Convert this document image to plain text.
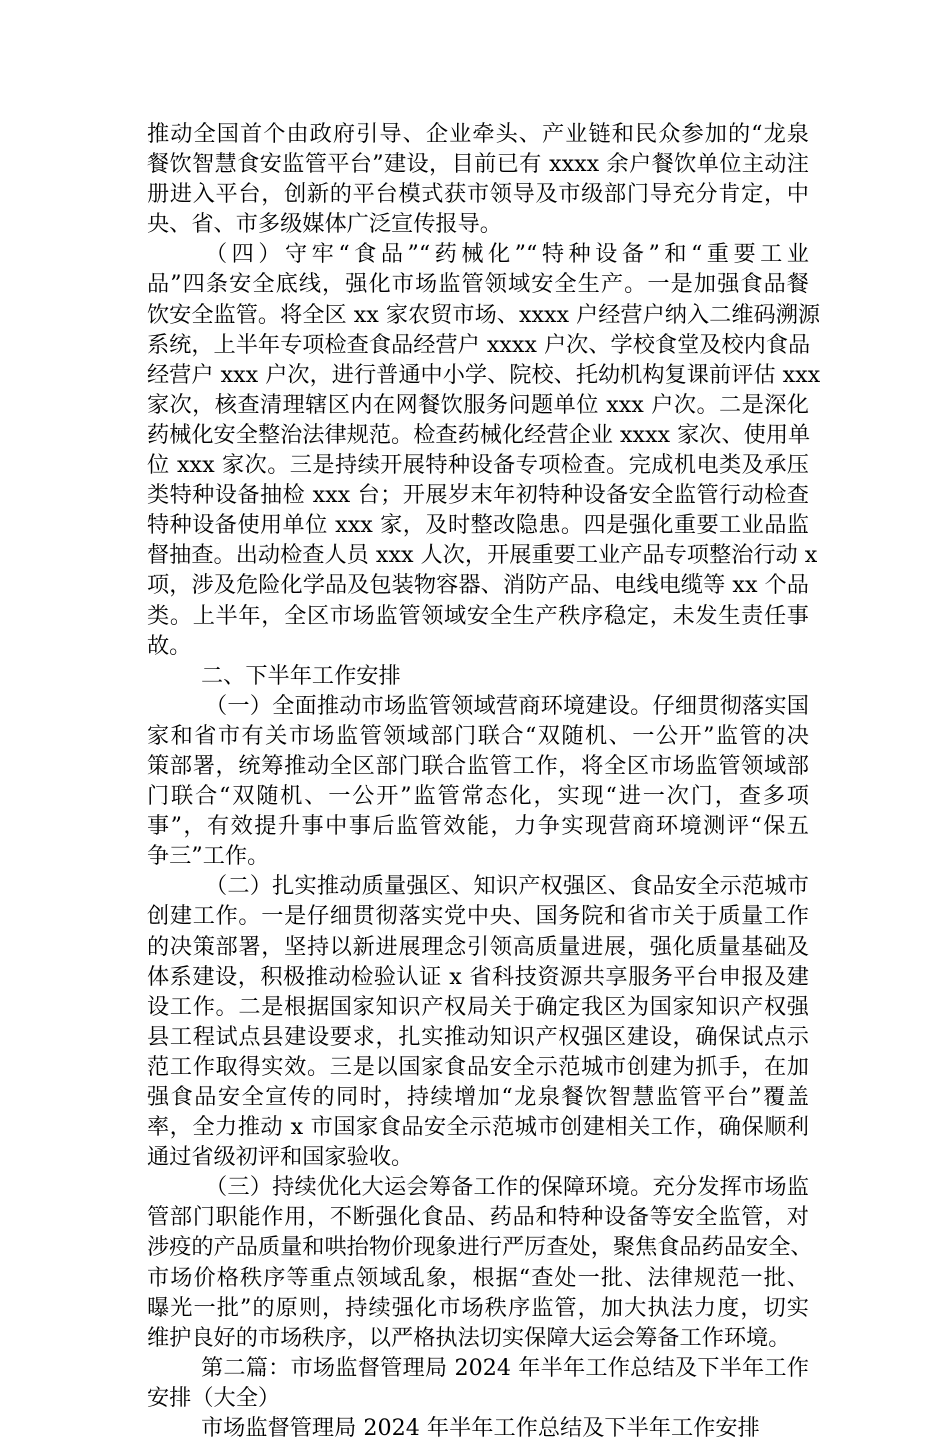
推动全国首个由政府引导、企业牵头、产业链和民众参加的“龙泉
餐饮智慧食安监管平台”建设，目前已有 xxxx 余户餐饮单位主动注
册进入平台，创新的平台模式获市领导及市级部门导充分肯定，中
央、省、市多级媒体广泛宣传报导。
（四）守牢“食品”“药械化”“特种设备”和“重要工业
品”四条安全底线，强化市场监管领域安全生产。一是加强食品餐
饮安全监管。将全区 xx 家农贸市场、xxxx 户经营户纳入二维码溯源
系统，上半年专项检查食品经营户 xxxx 户次、学校食堂及校内食品
经营户 xxx 户次，进行普通中小学、院校、托幼机构复课前评估 xxx
家次，核查清理辖区内在网餐饮服务问题单位 xxx 户次。二是深化
药械化安全整治法律规范。检查药械化经营企业 xxxx 家次、使用单
位 xxx 家次。三是持续开展特种设备专项检查。完成机电类及承压
类特种设备抽检 xxx 台；开展岁末年初特种设备安全监管行动检查
特种设备使用单位 xxx 家，及时整改隐患。四是强化重要工业品监
督抽查。出动检查人员 xxx 人次，开展重要工业产品专项整治行动 x
项，涉及危险化学品及包装物容器、消防产品、电线电缆等 xx 个品
类。上半年，全区市场监管领域安全生产秩序稳定，未发生责任事
故。
二、下半年工作安排
（一）全面推动市场监管领域营商环境建设。仔细贯彻落实国
家和省市有关市场监管领域部门联合“双随机、一公开”监管的决
策部署，统筹推动全区部门联合监管工作，将全区市场监管领域部
门联合“双随机、一公开”监管常态化，实现“进一次门，查多项
事”，有效提升事中事后监管效能，力争实现营商环境测评“保五
争三”工作。
（二）扎实推动质量强区、知识产权强区、食品安全示范城市
创建工作。一是仔细贯彻落实党中央、国务院和省市关于质量工作
的决策部署，坚持以新进展理念引领高质量进展，强化质量基础及
体系建设，积极推动检验认证 x 省科技资源共享服务平台申报及建
设工作。二是根据国家知识产权局关于确定我区为国家知识产权强
县工程试点县建设要求，扎实推动知识产权强区建设，确保试点示
范工作取得实效。三是以国家食品安全示范城市创建为抓手，在加
强食品安全宣传的同时，持续增加“龙泉餐饮智慧监管平台”覆盖
率，全力推动 x 市国家食品安全示范城市创建相关工作，确保顺利
通过省级初评和国家验收。
（三）持续优化大运会筹备工作的保障环境。充分发挥市场监
管部门职能作用，不断强化食品、药品和特种设备等安全监管，对
涉疫的产品质量和哄抬物价现象进行严厉查处，聚焦食品药品安全、
市场价格秩序等重点领域乱象，根据“查处一批、法律规范一批、
曝光一批”的原则，持续强化市场秩序监管，加大执法力度，切实
维护良好的市场秩序，以严格执法切实保障大运会筹备工作环境。
第二篇：市场监督管理局 2024 年半年工作总结及下半年工作
安排（大全）
市场监督管理局 2024 年半年工作总结及下半年工作安排
